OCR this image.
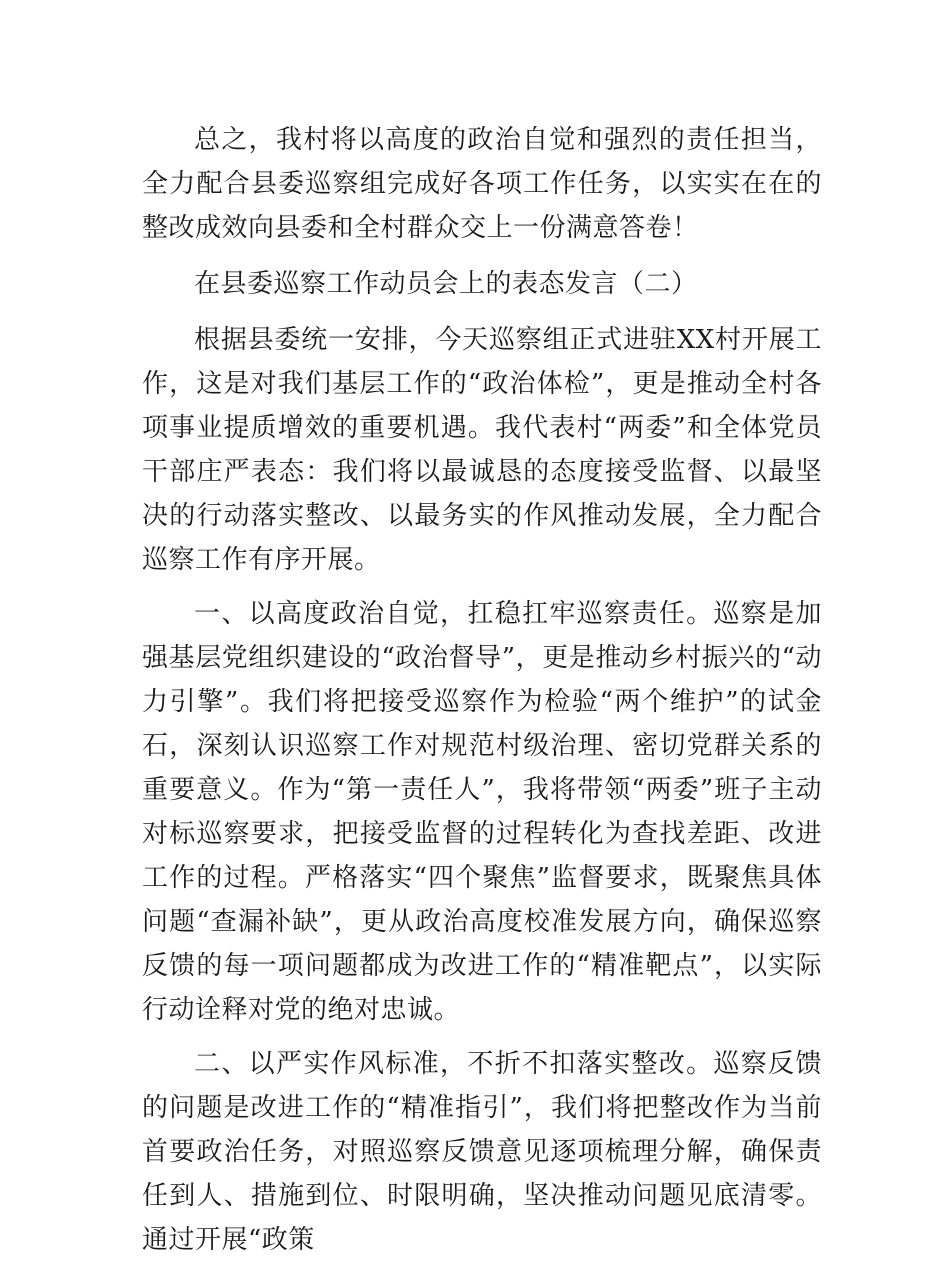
总之，我村将以高度的政治自觉和强烈的责任担当，全力配合县委巡察组完成好各项工作任务，以实实在在的整改成效向县委和全村群众交上一份满意答卷！

在县委巡察工作动员会上的表态发言（二）

根据县委统一安排，今天巡察组正式进驻XX村开展工作，这是对我们基层工作的“政治体检”，更是推动全村各项事业提质增效的重要机遇。我代表村“两委”和全体党员干部庄严表态：我们将以最诚恳的态度接受监督、以最坚决的行动落实整改、以最务实的作风推动发展，全力配合巡察工作有序开展。

一、以高度政治自觉，扛稳扛牢巡察责任。巡察是加强基层党组织建设的“政治督导”，更是推动乡村振兴的“动力引擎”。我们将把接受巡察作为检验“两个维护”的试金石，深刻认识巡察工作对规范村级治理、密切党群关系的重要意义。作为“第一责任人”，我将带领“两委”班子主动对标巡察要求，把接受监督的过程转化为查找差距、改进工作的过程。严格落实“四个聚焦”监督要求，既聚焦具体问题“查漏补缺”，更从政治高度校准发展方向，确保巡察反馈的每一项问题都成为改进工作的“精准靶点”，以实际行动诠释对党的绝对忠诚。

二、以严实作风标准，不折不扣落实整改。巡察反馈的问题是改进工作的“精准指引”，我们将把整改作为当前首要政治任务，对照巡察反馈意见逐项梳理分解，确保责任到人、措施到位、时限明确，坚决推动问题见底清零。通过开展“政策
